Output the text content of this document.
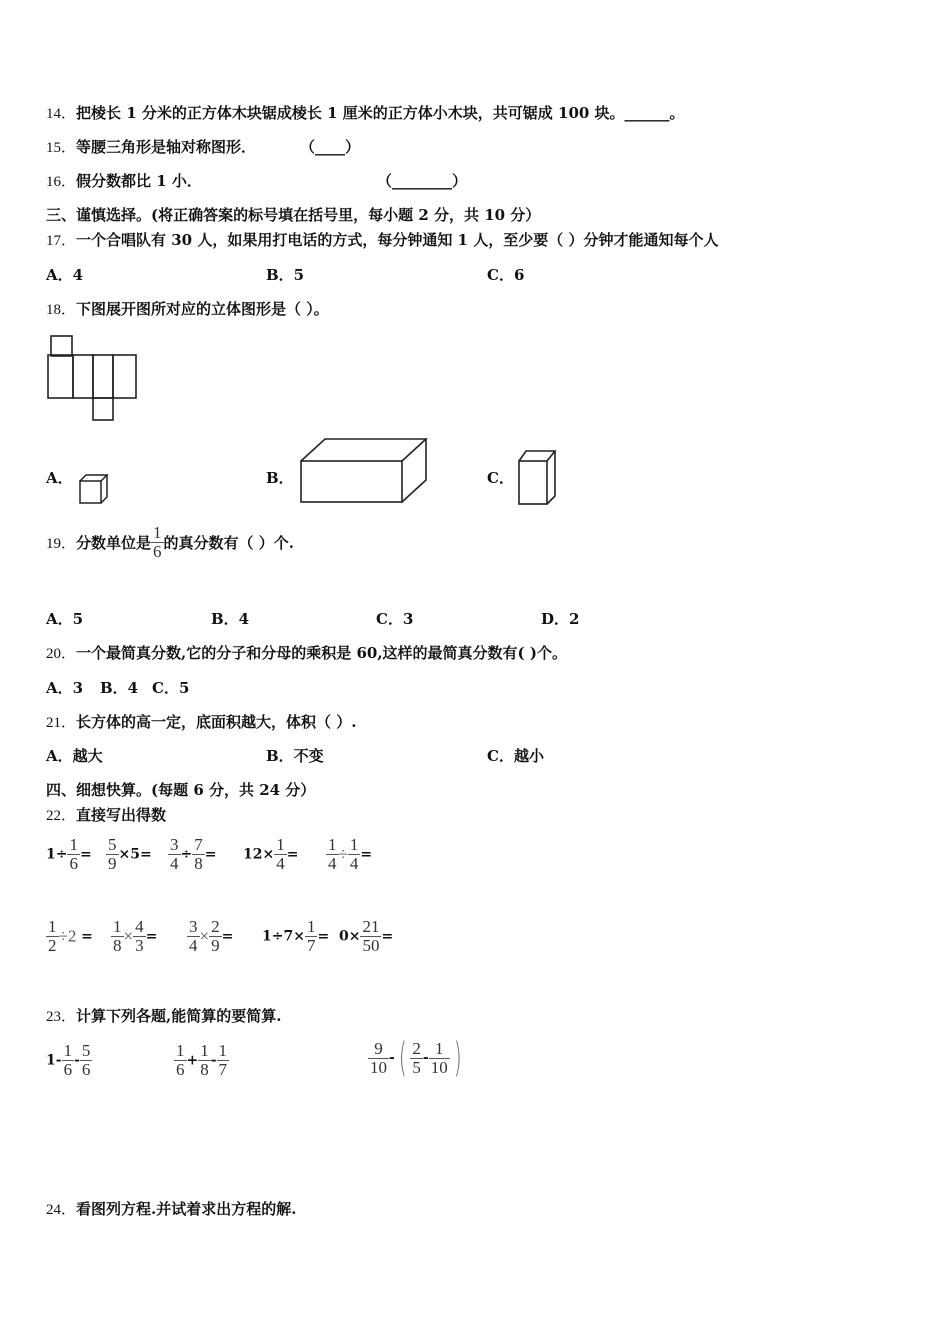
14．把棱长 1 分米的正方体木块锯成棱长 1 厘米的正方体小木块，共可锯成 100 块。______。
15．等腰三角形是轴对称图形．	（____）
16．假分数都比 1 小．	（________）
三、谨慎选择。(将正确答案的标号填在括号里，每小题 2 分，共 10 分）
17．一个合唱队有 30 人，如果用打电话的方式，每分钟通知 1 人，至少要（ ）分钟才能通知每个人
A．4	B．5	C．6
18．下图展开图所对应的立体图形是（ ）。
A．	B．	C．
19．分数单位是 $\frac{1}{6}$ 的真分数有（ ）个.
A．5	B．4	C．3	D．2
20．一个最简真分数,它的分子和分母的乘积是 60,这样的最简真分数有( )个。
A．3 B．4 C．5
21．长方体的高一定，底面积越大，体积（ ）.
A．越大	B．不变	C．越小
四、细想快算。(每题 6 分，共 24 分）
22．直接写出得数
$1\div \frac{1}{6} = \frac{5}{9} \times 5= \frac{3}{4} \div \frac{7}{8} = 12\times \frac{1}{4} = \frac{1}{4} \div \frac{1}{4}$ =
$\frac{1}{2} \div 2 = \frac{1}{8} \times \frac{4}{3} = \frac{3}{4} \times \frac{2}{9} = 1\div 7\times \frac{1}{7} = 0\times \frac{21}{50}$ =
23．计算下列各题,能简算的要简算.
$1- \frac{1}{6} - \frac{5}{6}$	$\frac{1}{6} + \frac{1}{8} - \frac{1}{7}$	$\frac{9}{10}$ -( $\frac{2}{5} - \frac{1}{10}$ )
24．看图列方程.并试着求出方程的解.
